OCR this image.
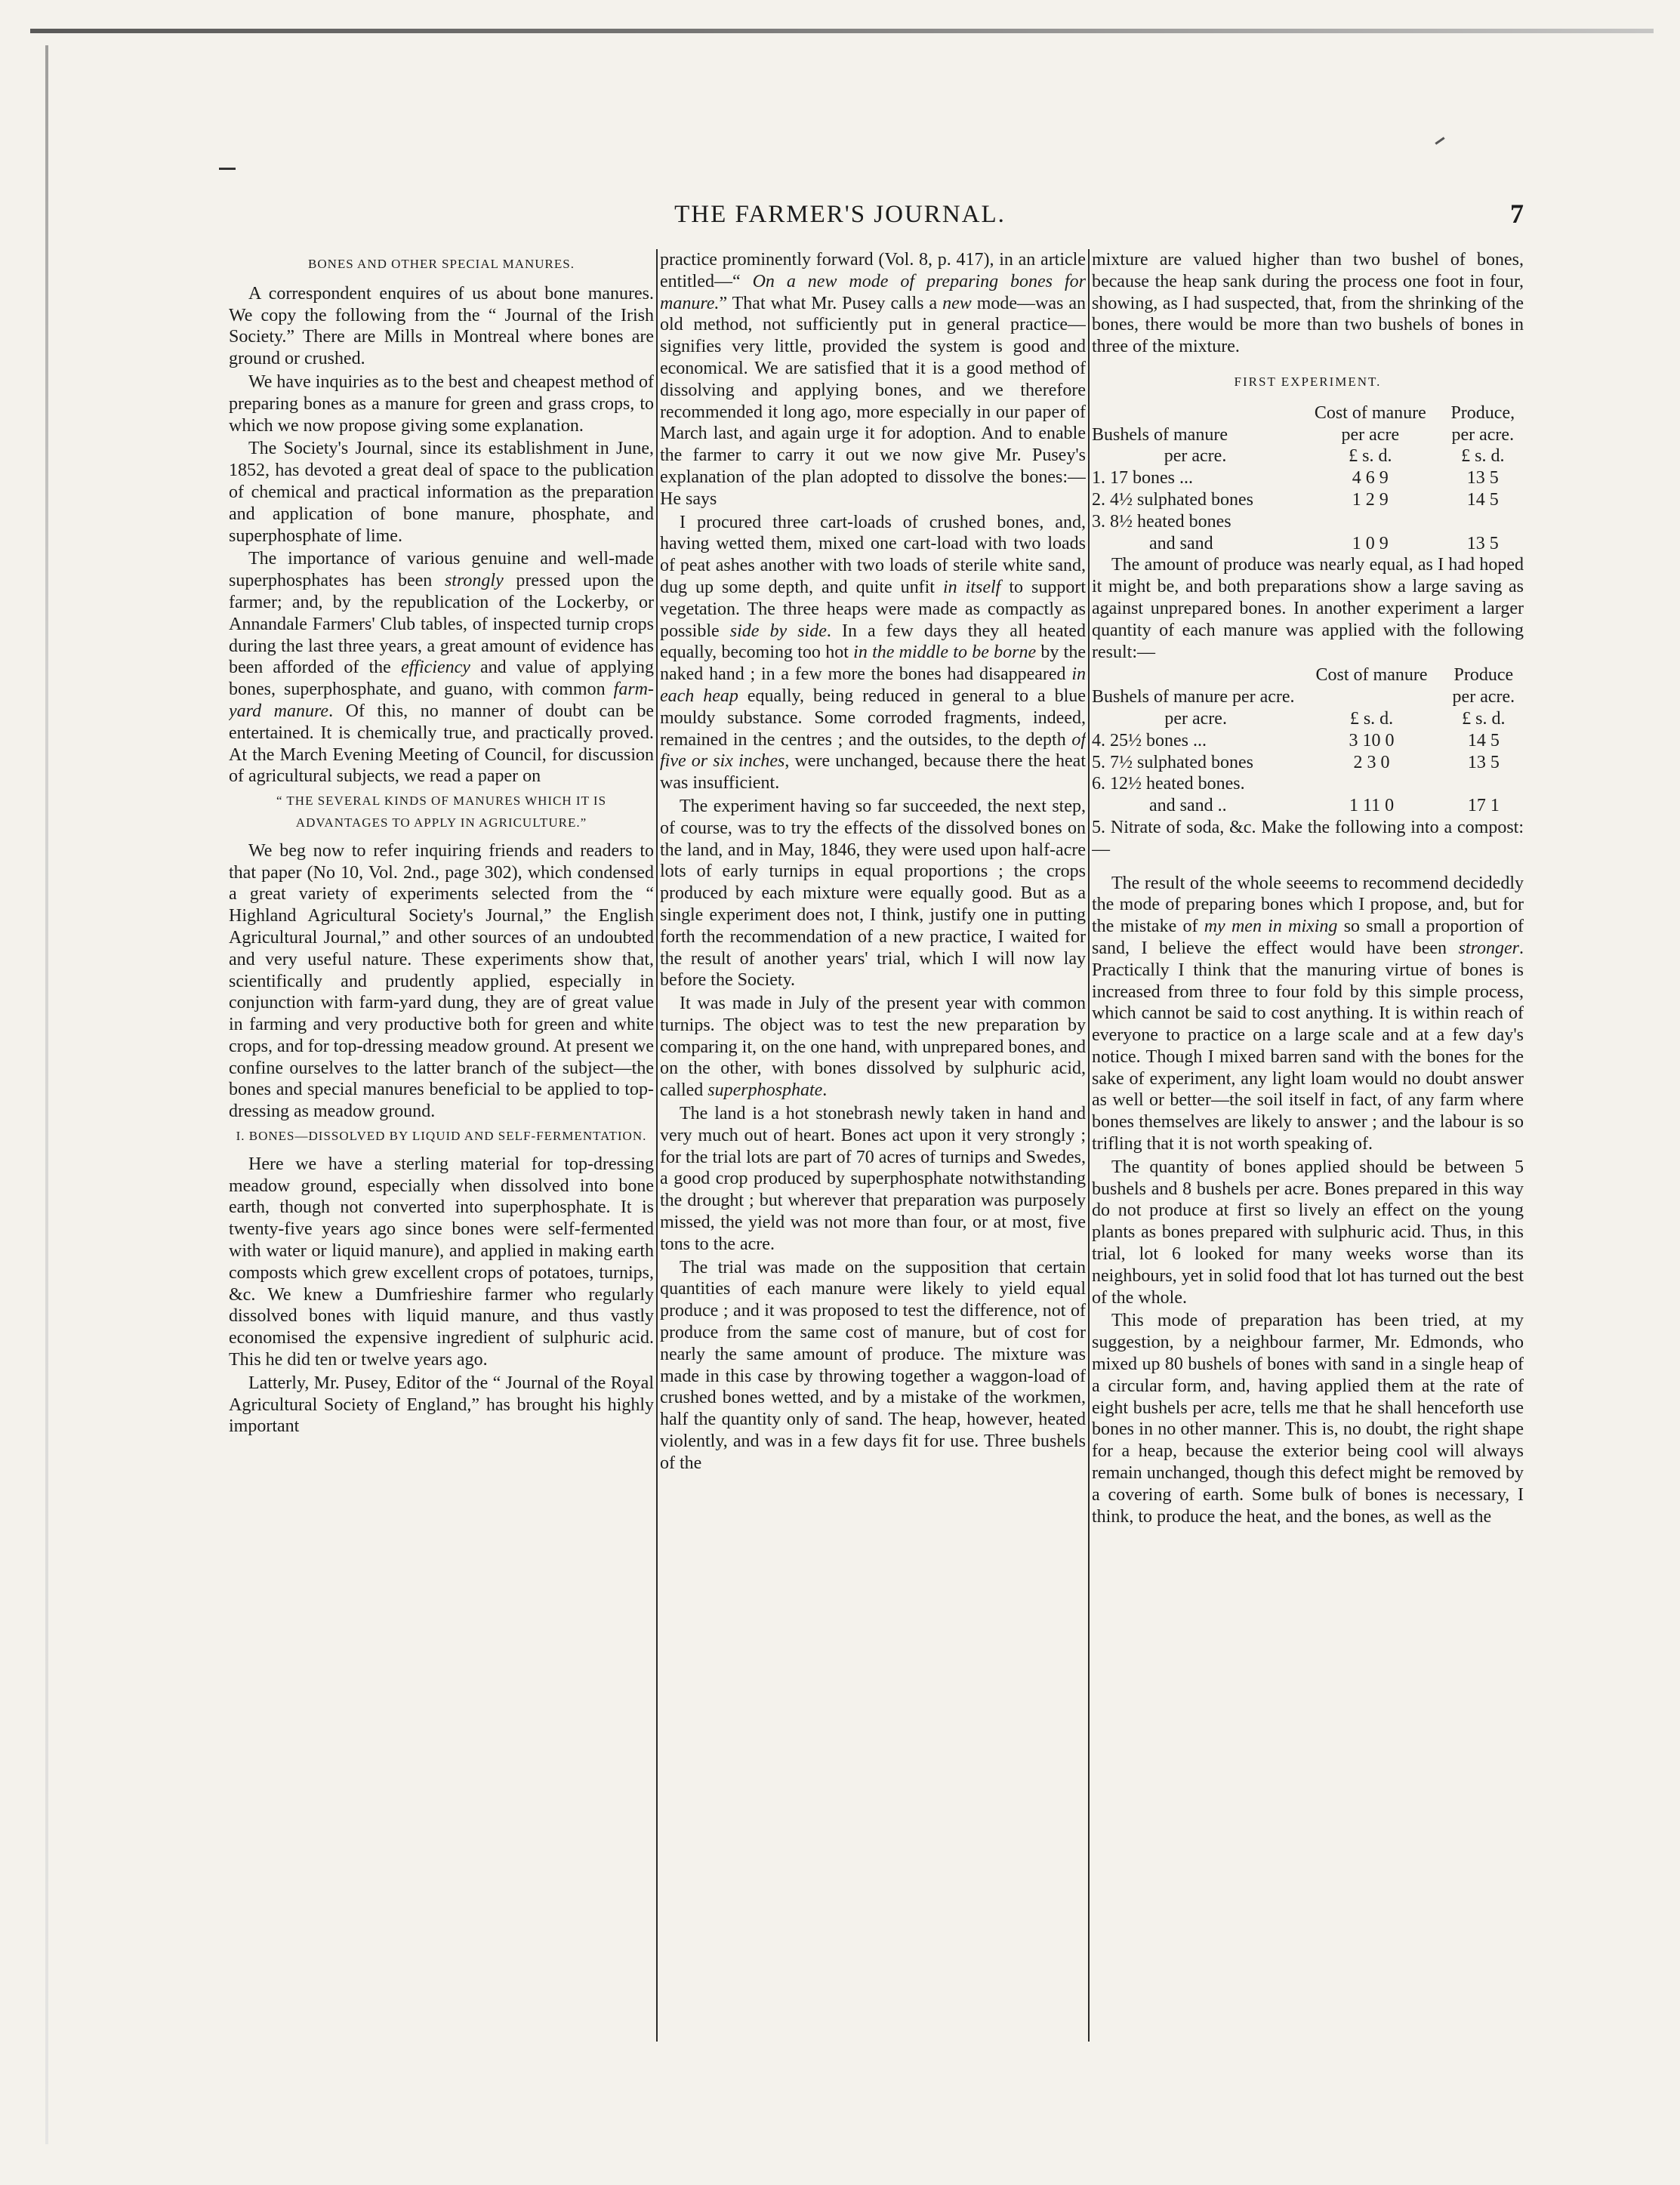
THE FARMER'S JOURNAL.	7

BONES AND OTHER SPECIAL MANURES.

A correspondent enquires of us about bone manures. We copy the following from the “ Journal of the Irish Society.” There are Mills in Montreal where bones are ground or crushed.

We have inquiries as to the best and cheapest method of preparing bones as a manure for green and grass crops, to which we now propose giving some explanation.

The Society's Journal, since its establishment in June, 1852, has devoted a great deal of space to the publication of chemical and practical information as the preparation and application of bone manure, phosphate, and superphosphate of lime.

The importance of various genuine and well-made superphosphates has been strongly pressed upon the farmer; and, by the republication of the Lockerby, or Annandale Farmers' Club tables, of inspected turnip crops during the last three years, a great amount of evidence has been afforded of the efficiency and value of applying bones, superphosphate, and guano, with common farm-yard manure. Of this, no manner of doubt can be entertained. It is chemically true, and practically proved. At the March Evening Meeting of Council, for discussion of agricultural subjects, we read a paper on

“ THE SEVERAL KINDS OF MANURES WHICH IT IS ADVANTAGES TO APPLY IN AGRICULTURE.”

We beg now to refer inquiring friends and readers to that paper (No 10, Vol. 2nd., page 302), which condensed a great variety of experiments selected from the “ Highland Agricultural Society's Journal,” the English Agricultural Journal,” and other sources of an undoubted and very useful nature. These experiments show that, scientifically and prudently applied, especially in conjunction with farm-yard dung, they are of great value in farming and very productive both for green and white crops, and for top-dressing meadow ground. At present we confine ourselves to the latter branch of the subject—the bones and special manures beneficial to be applied to top-dressing as meadow ground.

I. BONES—DISSOLVED BY LIQUID AND SELF-FERMENTATION.

Here we have a sterling material for top-dressing meadow ground, especially when dissolved into bone earth, though not converted into superphosphate. It is twenty-five years ago since bones were self-fermented with water or liquid manure), and applied in making earth composts which grew excellent crops of potatoes, turnips, &c. We knew a Dumfrieshire farmer who regularly dissolved bones with liquid manure, and thus vastly economised the expensive ingredient of sulphuric acid. This he did ten or twelve years ago.

Latterly, Mr. Pusey, Editor of the “ Journal of the Royal Agricultural Society of England,” has brought his highly important

practice prominently forward (Vol. 8, p. 417), in an article entitled—“ On a new mode of preparing bones for manure.” That what Mr. Pusey calls a new mode—was an old method, not sufficiently put in general practice—signifies very little, provided the system is good and economical. We are satisfied that it is a good method of dissolving and applying bones, and we therefore recommended it long ago, more especially in our paper of March last, and again urge it for adoption. And to enable the farmer to carry it out we now give Mr. Pusey's explanation of the plan adopted to dissolve the bones:—He says

I procured three cart-loads of crushed bones, and, having wetted them, mixed one cart-load with two loads of peat ashes another with two loads of sterile white sand, dug up some depth, and quite unfit in itself to support vegetation. The three heaps were made as compactly as possible side by side. In a few days they all heated equally, becoming too hot in the middle to be borne by the naked hand ; in a few more the bones had disappeared in each heap equally, being reduced in general to a blue mouldy substance. Some corroded fragments, indeed, remained in the centres ; and the outsides, to the depth of five or six inches, were unchanged, because there the heat was insufficient.

The experiment having so far succeeded, the next step, of course, was to try the effects of the dissolved bones on the land, and in May, 1846, they were used upon half-acre lots of early turnips in equal proportions ; the crops produced by each mixture were equally good. But as a single experiment does not, I think, justify one in putting forth the recommendation of a new practice, I waited for the result of another years' trial, which I will now lay before the Society.

It was made in July of the present year with common turnips. The object was to test the new preparation by comparing it, on the one hand, with unprepared bones, and on the other, with bones dissolved by sulphuric acid, called superphosphate.

The land is a hot stonebrash newly taken in hand and very much out of heart. Bones act upon it very strongly ; for the trial lots are part of 70 acres of turnips and Swedes, a good crop produced by superphosphate notwithstanding the drought ; but wherever that preparation was purposely missed, the yield was not more than four, or at most, five tons to the acre.

The trial was made on the supposition that certain quantities of each manure were likely to yield equal produce ; and it was proposed to test the difference, not of produce from the same cost of manure, but of cost for nearly the same amount of produce. The mixture was made in this case by throwing together a waggon-load of crushed bones wetted, and by a mistake of the workmen, half the quantity only of sand. The heap, however, heated violently, and was in a few days fit for use. Three bushels of the

mixture are valued higher than two bushel of bones, because the heap sank during the process one foot in four, showing, as I had suspected, that, from the shrinking of the bones, there would be more than two bushels of bones in three of the mixture.

FIRST EXPERIMENT.

	Cost of manure	Produce,
Bushels of manure	per acre	per acre.
per acre.	£ s. d.	£ s. d.
1. 17 bones ...	4 6 9	13 5
2. 4½ sulphated bones	1 2 9	14 5
3. 8½ heated bones		
and sand	1 0 9	13 5

The amount of produce was nearly equal, as I had hoped it might be, and both preparations show a large saving as against unprepared bones. In another experiment a larger quantity of each manure was applied with the following result:—

	Cost of manure	Produce
Bushels of manure per acre.		per acre.
per acre.	£ s. d.	£ s. d.
4. 25½ bones ...	3 10 0	14 5
5. 7½ sulphated bones	2 3 0	13 5
6. 12½ heated bones.		
and sand ..	1 11 0	17 1

5. Nitrate of soda, &c. Make the following into a compost:—

The result of the whole seeems to recommend decidedly the mode of preparing bones which I propose, and, but for the mistake of my men in mixing so small a proportion of sand, I believe the effect would have been stronger. Practically I think that the manuring virtue of bones is increased from three to four fold by this simple process, which cannot be said to cost anything. It is within reach of everyone to practice on a large scale and at a few day's notice. Though I mixed barren sand with the bones for the sake of experiment, any light loam would no doubt answer as well or better—the soil itself in fact, of any farm where bones themselves are likely to answer ; and the labour is so trifling that it is not worth speaking of.

The quantity of bones applied should be between 5 bushels and 8 bushels per acre. Bones prepared in this way do not produce at first so lively an effect on the young plants as bones prepared with sulphuric acid. Thus, in this trial, lot 6 looked for many weeks worse than its neighbours, yet in solid food that lot has turned out the best of the whole.

This mode of preparation has been tried, at my suggestion, by a neighbour farmer, Mr. Edmonds, who mixed up 80 bushels of bones with sand in a single heap of a circular form, and, having applied them at the rate of eight bushels per acre, tells me that he shall henceforth use bones in no other manner. This is, no doubt, the right shape for a heap, because the exterior being cool will always remain unchanged, though this defect might be removed by a covering of earth. Some bulk of bones is necessary, I think, to produce the heat, and the bones, as well as the
